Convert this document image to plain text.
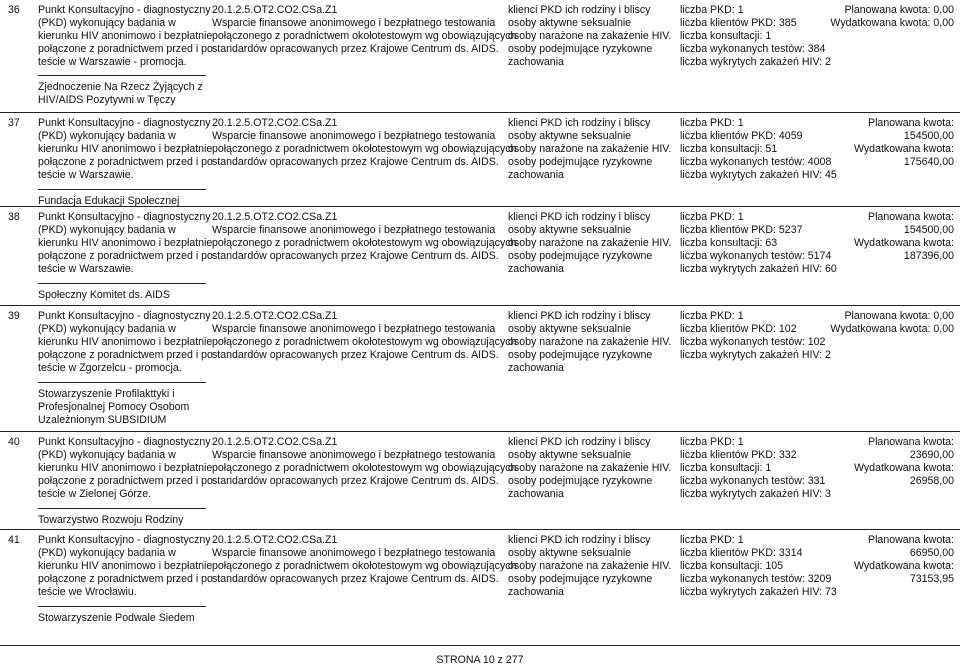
36 Punkt Konsultacyjno - diagnostyczny
(PKD) wykonujący badania w
kierunku HIV anonimowo i bezpłatnie
połączone z poradnictwem przed i po
teście w Warszawie - promocja.
20.1.2.5.OT2.CO2.CSa.Z1
Wsparcie finansowe anonimowego i bezpłatnego testowania
połączonego z poradnictwem okołotestowym wg obowiązujących
standardów opracowanych przez Krajowe Centrum ds. AIDS.
klienci PKD ich rodziny i bliscy
osoby aktywne seksualnie
osoby narażone na zakażenie HIV.
osoby podejmujące ryzykowne
zachowania
liczba PKD: 1
liczba klientów PKD: 385
liczba konsultacji: 1
liczba wykonanych testów: 384
liczba wykrytych zakażeń HIV: 2
Planowana kwota: 0,00
Wydatkowana kwota: 0,00
Zjednoczenie Na Rzecz Żyjących z
HIV/AIDS Pozytywni w Tęczy
37 Punkt Konsultacyjno - diagnostyczny
(PKD) wykonujący badania w
kierunku HIV anonimowo i bezpłatnie
połączone z poradnictwem przed i po
teście w Warszawie.
20.1.2.5.OT2.CO2.CSa.Z1
Wsparcie finansowe anonimowego i bezpłatnego testowania
połączonego z poradnictwem okołotestowym wg obowiązujących
standardów opracowanych przez Krajowe Centrum ds. AIDS.
klienci PKD ich rodziny i bliscy
osoby aktywne seksualnie
osoby narażone na zakażenie HIV.
osoby podejmujące ryzykowne
zachowania
liczba PKD: 1
liczba klientów PKD: 4059
liczba konsultacji: 51
liczba wykonanych testów: 4008
liczba wykrytych zakażeń HIV: 45
Planowana kwota:
154500,00
Wydatkowana kwota:
175640,00
Fundacja Edukacji Społecznej
38 Punkt Konsultacyjno - diagnostyczny
(PKD) wykonujący badania w
kierunku HIV anonimowo i bezpłatnie
połączone z poradnictwem przed i po
teście w Warszawie.
20.1.2.5.OT2.CO2.CSa.Z1
Wsparcie finansowe anonimowego i bezpłatnego testowania
połączonego z poradnictwem okołotestowym wg obowiązujących
standardów opracowanych przez Krajowe Centrum ds. AIDS.
klienci PKD ich rodziny i bliscy
osoby aktywne seksualnie
osoby narażone na zakażenie HIV.
osoby podejmujące ryzykowne
zachowania
liczba PKD: 1
liczba klientów PKD: 5237
liczba konsultacji: 63
liczba wykonanych testów: 5174
liczba wykrytych zakażeń HIV: 60
Planowana kwota:
154500,00
Wydatkowana kwota:
187396,00
Społeczny Komitet ds. AIDS
39 Punkt Konsultacyjno - diagnostyczny
(PKD) wykonujący badania w
kierunku HIV anonimowo i bezpłatnie
połączone z poradnictwem przed i po
teście w Zgorzelcu - promocja.
20.1.2.5.OT2.CO2.CSa.Z1
Wsparcie finansowe anonimowego i bezpłatnego testowania
połączonego z poradnictwem okołotestowym wg obowiązujących
standardów opracowanych przez Krajowe Centrum ds. AIDS.
klienci PKD ich rodziny i bliscy
osoby aktywne seksualnie
osoby narażone na zakażenie HIV.
osoby podejmujące ryzykowne
zachowania
liczba PKD: 1
liczba klientów PKD: 102
liczba wykonanych testów: 102
liczba wykrytych zakażeń HIV: 2
Planowana kwota: 0,00
Wydatkowana kwota: 0,00
Stowarzyszenie Profilakttyki i
Profesjonalnej Pomocy Osobom
Uzależnionym SUBSIDIUM
40 Punkt Konsultacyjno - diagnostyczny
(PKD) wykonujący badania w
kierunku HIV anonimowo i bezpłatnie
połączone z poradnictwem przed i po
teście w Zielonej Górze.
20.1.2.5.OT2.CO2.CSa.Z1
Wsparcie finansowe anonimowego i bezpłatnego testowania
połączonego z poradnictwem okołotestowym wg obowiązujących
standardów opracowanych przez Krajowe Centrum ds. AIDS.
klienci PKD ich rodziny i bliscy
osoby aktywne seksualnie
osoby narażone na zakażenie HIV.
osoby podejmujące ryzykowne
zachowania
liczba PKD: 1
liczba klientów PKD: 332
liczba konsultacji: 1
liczba wykonanych testów: 331
liczba wykrytych zakażeń HIV: 3
Planowana kwota:
23690,00
Wydatkowana kwota:
26958,00
Towarzystwo Rozwoju Rodziny
41 Punkt Konsultacyjno - diagnostyczny
(PKD) wykonujący badania w
kierunku HIV anonimowo i bezpłatnie
połączone z poradnictwem przed i po
teście we Wrocławiu.
20.1.2.5.OT2.CO2.CSa.Z1
Wsparcie finansowe anonimowego i bezpłatnego testowania
połączonego z poradnictwem okołotestowym wg obowiązujących
standardów opracowanych przez Krajowe Centrum ds. AIDS.
klienci PKD ich rodziny i bliscy
osoby aktywne seksualnie
osoby narażone na zakażenie HIV.
osoby podejmujące ryzykowne
zachowania
liczba PKD: 1
liczba klientów PKD: 3314
liczba konsultacji: 105
liczba wykonanych testów: 3209
liczba wykrytych zakażeń HIV: 73
Planowana kwota:
66950,00
Wydatkowana kwota:
73153,95
Stowarzyszenie Podwale Siedem
STRONA 10 z 277
